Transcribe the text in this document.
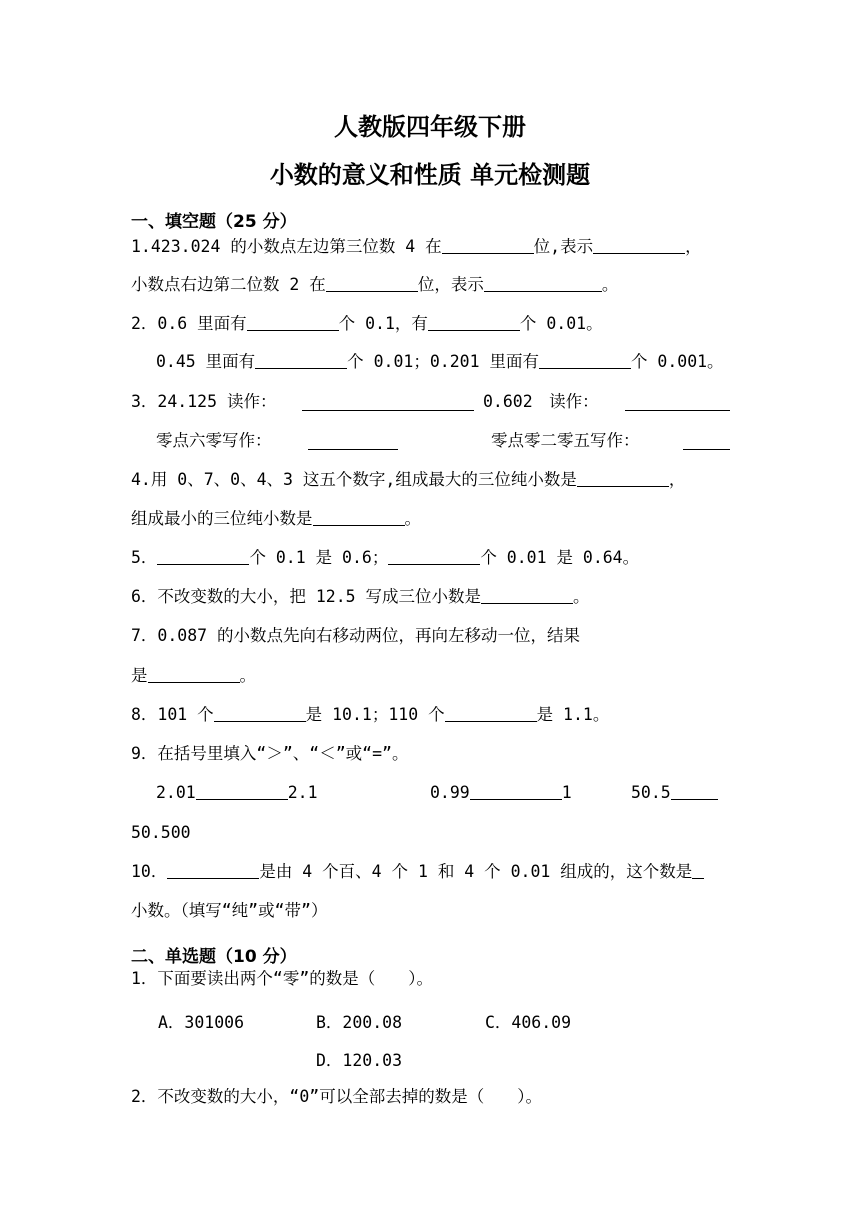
人教版四年级下册
小数的意义和性质 单元检测题
一、填空题（25 分）
1.423.024 的小数点左边第三位数 4 在	位,表示	，
小数点右边第二位数 2 在	位，表示	。
2．0.6 里面有	个 0.1，有	个 0.01。
0.45 里面有	个 0.01；0.201 里面有	个 0.001。
3．24.125 读作：	0.602　读作：
零点六零写作：	零点零二零五写作：
4.用 0、7、0、4、3 这五个数字,组成最大的三位纯小数是	，
组成最小的三位纯小数是	。
5．	个 0.1 是 0.6；	个 0.01 是 0.64。
6．不改变数的大小，把 12.5 写成三位小数是	。
7．0.087 的小数点先向右移动两位，再向左移动一位，结果
是	。
8．101 个	是 10.1；110 个	是 1.1。
9．在括号里填入“＞”、“＜”或“=”。
2.01	2.1	0.99	1	50.5
50.500
10．	是由 4 个百、4 个 1 和 4 个 0.01 组成的，这个数是
小数。（填写“纯”或“带”）
二、单选题（10 分）
1．下面要读出两个“零”的数是（　　）。
A．301006	B．200.08	C．406.09
D．120.03
2．不改变数的大小，“0”可以全部去掉的数是（　　）。
